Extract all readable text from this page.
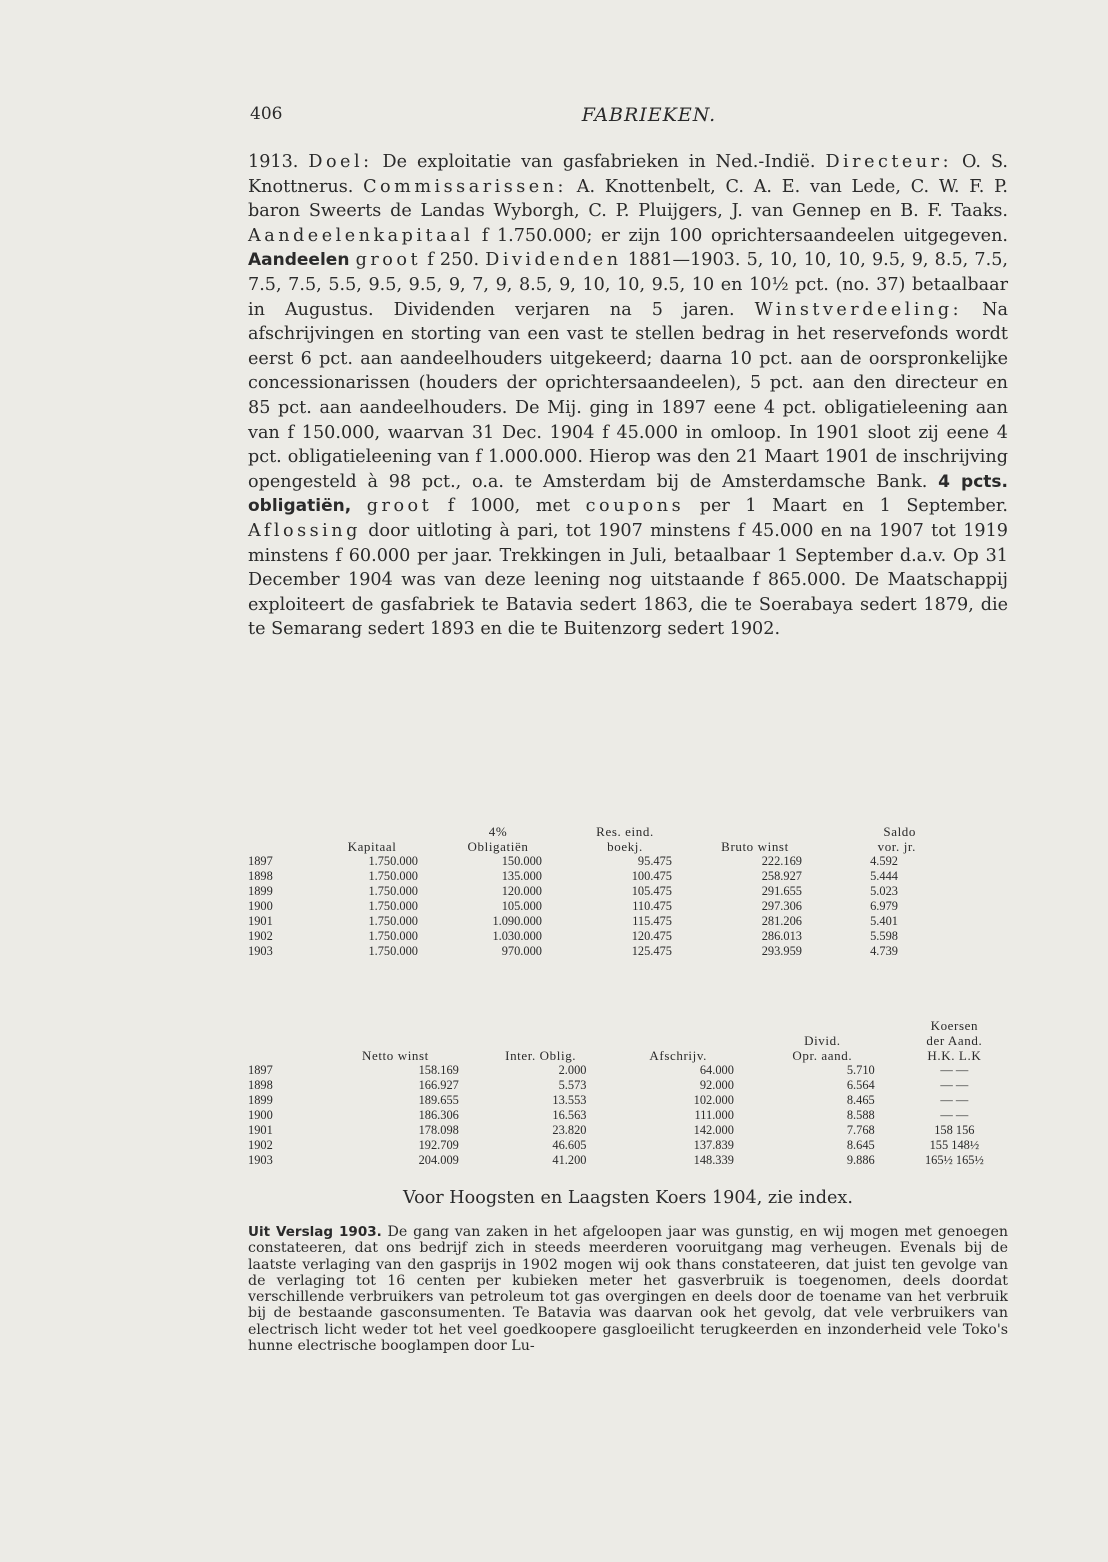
406	FABRIEKEN.
1913. Doel: De exploitatie van gasfabrieken in Ned.-Indië. Directeur: O. S. Knottnerus. Commissarissen: A. Knottenbelt, C. A. E. van Lede, C. W. F. P. baron Sweerts de Landas Wyborgh, C. P. Pluijgers, J. van Gennep en B. F. Taaks. Aandeelenkapitaal f 1.750.000; er zijn 100 oprichtersaandeelen uitgegeven. Aandeelen groot f 250. Dividenden 1881—1903. 5, 10, 10, 10, 9.5, 9, 8.5, 7.5, 7.5, 7.5, 5.5, 9.5, 9.5, 9, 7, 9, 8.5, 9, 10, 10, 9.5, 10 en 10½ pct. (no. 37) betaalbaar in Augustus. Dividenden verjaren na 5 jaren. Winstverdeeling: Na afschrijvingen en storting van een vast te stellen bedrag in het reservefonds wordt eerst 6 pct. aan aandeelhouders uitgekeerd; daarna 10 pct. aan de oorspronkelijke concessionarissen (houders der oprichtersaandeelen), 5 pct. aan den directeur en 85 pct. aan aandeelhouders. De Mij. ging in 1897 eene 4 pct. obligatieleening aan van f 150.000, waarvan 31 Dec. 1904 f 45.000 in omloop. In 1901 sloot zij eene 4 pct. obligatieleening van f 1.000.000. Hierop was den 21 Maart 1901 de inschrijving opengesteld à 98 pct., o.a. te Amsterdam bij de Amsterdamsche Bank. 4 pcts. obligatiën, groot f 1000, met coupons per 1 Maart en 1 September. Aflossing door uitloting à pari, tot 1907 minstens f 45.000 en na 1907 tot 1919 minstens f 60.000 per jaar. Trekkingen in Juli, betaalbaar 1 September d.a.v. Op 31 December 1904 was van deze leening nog uitstaande f 865.000. De Maatschappij exploiteert de gasfabriek te Batavia sedert 1863, die te Soerabaya sedert 1879, die te Semarang sedert 1893 en die te Buitenzorg sedert 1902.
		4%	Res. eind.		Saldo
	Kapitaal	Obligatiën	boekj.	Bruto winst	vor. jr.
1897	1.750.000	150.000	95.475	222.169	4.592
1898	1.750.000	135.000	100.475	258.927	5.444
1899	1.750.000	120.000	105.475	291.655	5.023
1900	1.750.000	105.000	110.475	297.306	6.979
1901	1.750.000	1.090.000	115.475	281.206	5.401
1902	1.750.000	1.030.000	120.475	286.013	5.598
1903	1.750.000	970.000	125.475	293.959	4.739
					Koersen
				Divid.	der Aand.
	Netto winst	Inter. Oblig.	Afschrijv.	Opr. aand.	H.K. L.K
1897	158.169	2.000	64.000	5.710	— —
1898	166.927	5.573	92.000	6.564	— —
1899	189.655	13.553	102.000	8.465	— —
1900	186.306	16.563	111.000	8.588	— —
1901	178.098	23.820	142.000	7.768	158 156
1902	192.709	46.605	137.839	8.645	155 148½
1903	204.009	41.200	148.339	9.886	165½ 165½
Voor Hoogsten en Laagsten Koers 1904, zie index.
Uit Verslag 1903. De gang van zaken in het afgeloopen jaar was gunstig, en wij mogen met genoegen constateeren, dat ons bedrijf zich in steeds meerderen vooruitgang mag verheugen. Evenals bij de laatste verlaging van den gasprijs in 1902 mogen wij ook thans constateeren, dat juist ten gevolge van de verlaging tot 16 centen per kubieken meter het gasverbruik is toegenomen, deels doordat verschillende verbruikers van petroleum tot gas overgingen en deels door de toename van het verbruik bij de bestaande gasconsumenten. Te Batavia was daarvan ook het gevolg, dat vele verbruikers van electrisch licht weder tot het veel goedkoopere gasgloeilicht terugkeerden en inzonderheid vele Toko's hunne electrische booglampen door Lu-
